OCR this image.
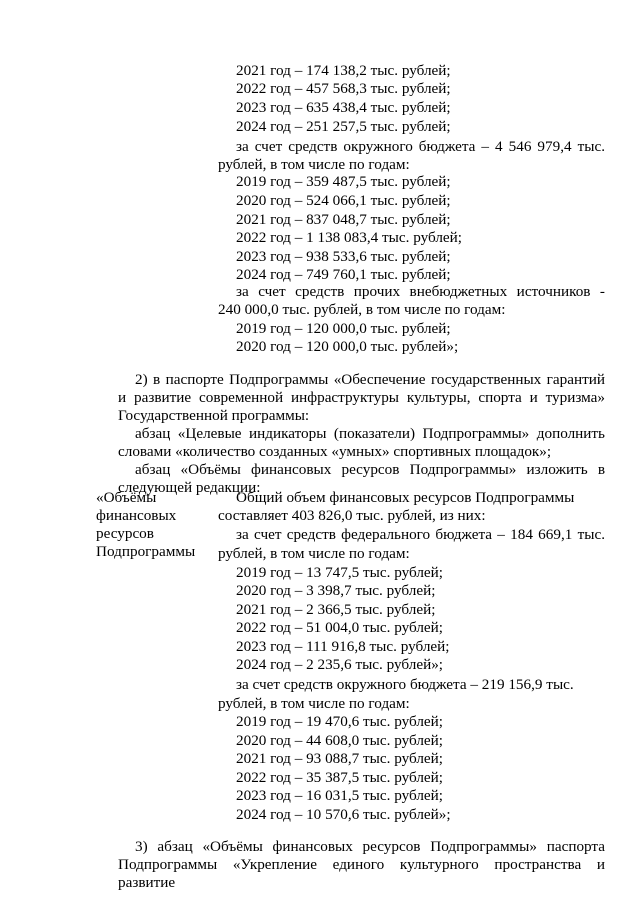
2021 год – 174 138,2 тыс. рублей;
2022 год – 457 568,3 тыс. рублей;
2023 год – 635 438,4 тыс. рублей;
2024 год – 251 257,5 тыс. рублей;
за счет средств окружного бюджета – 4 546 979,4 тыс.
рублей, в том числе по годам:
2019 год – 359 487,5 тыс. рублей;
2020 год – 524 066,1 тыс. рублей;
2021 год – 837 048,7 тыс. рублей;
2022 год – 1 138 083,4 тыс. рублей;
2023 год – 938 533,6 тыс. рублей;
2024 год – 749 760,1 тыс. рублей;
за счет средств прочих внебюджетных источников -
240 000,0 тыс. рублей, в том числе по годам:
2019 год – 120 000,0 тыс. рублей;
2020 год – 120 000,0 тыс. рублей»;
2) в паспорте Подпрограммы «Обеспечение государственных гарантий
и развитие современной инфраструктуры культуры, спорта и туризма»
Государственной программы:
абзац «Целевые индикаторы (показатели) Подпрограммы» дополнить
словами «количество созданных «умных» спортивных площадок»;
абзац «Объёмы финансовых ресурсов Подпрограммы» изложить в
следующей редакции:
«Объёмы
финансовых
ресурсов
Подпрограммы
Общий объем финансовых ресурсов Подпрограммы
составляет 403 826,0 тыс. рублей, из них:
за счет средств федерального бюджета – 184 669,1 тыс.
рублей, в том числе по годам:
2019 год – 13 747,5 тыс. рублей;
2020 год – 3 398,7 тыс. рублей;
2021 год – 2 366,5 тыс. рублей;
2022 год – 51 004,0 тыс. рублей;
2023 год – 111 916,8 тыс. рублей;
2024 год – 2 235,6 тыс. рублей»;
за счет средств окружного бюджета – 219 156,9 тыс.
рублей, в том числе по годам:
2019 год – 19 470,6 тыс. рублей;
2020 год – 44 608,0 тыс. рублей;
2021 год – 93 088,7 тыс. рублей;
2022 год – 35 387,5 тыс. рублей;
2023 год – 16 031,5 тыс. рублей;
2024 год – 10 570,6 тыс. рублей»;
3) абзац «Объёмы финансовых ресурсов Подпрограммы» паспорта
Подпрограммы «Укрепление единого культурного пространства и развитие
